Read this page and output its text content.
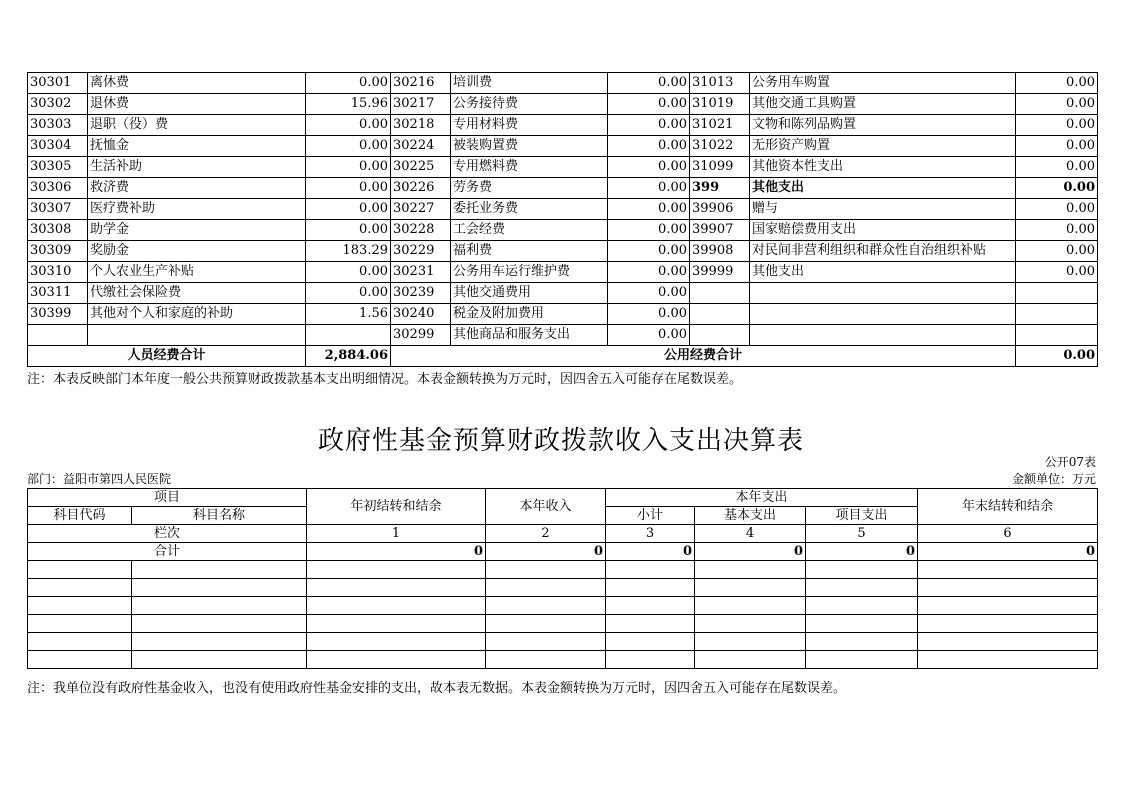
30301	离休费	0.00	30216	培训费	0.00	31013	公务用车购置	0.00
30302	退休费	15.96	30217	公务接待费	0.00	31019	其他交通工具购置	0.00
30303	退职（役）费	0.00	30218	专用材料费	0.00	31021	文物和陈列品购置	0.00
30304	抚恤金	0.00	30224	被装购置费	0.00	31022	无形资产购置	0.00
30305	生活补助	0.00	30225	专用燃料费	0.00	31099	其他资本性支出	0.00
30306	救济费	0.00	30226	劳务费	0.00	399	其他支出	0.00
30307	医疗费补助	0.00	30227	委托业务费	0.00	39906	赠与	0.00
30308	助学金	0.00	30228	工会经费	0.00	39907	国家赔偿费用支出	0.00
30309	奖励金	183.29	30229	福利费	0.00	39908	对民间非营利组织和群众性自治组织补贴	0.00
30310	个人农业生产补贴	0.00	30231	公务用车运行维护费	0.00	39999	其他支出	0.00
30311	代缴社会保险费	0.00	30239	其他交通费用	0.00			
30399	其他对个人和家庭的补助	1.56	30240	税金及附加费用	0.00			
			30299	其他商品和服务支出	0.00			
人员经费合计		2,884.06	公用经费合计					0.00
注：本表反映部门本年度一般公共预算财政拨款基本支出明细情况。本表金额转换为万元时，因四舍五入可能存在尾数误差。
政府性基金预算财政拨款收入支出决算表
公开07表
部门：益阳市第四人民医院	金额单位：万元
项目		年初结转和结余	本年收入	本年支出			年末结转和结余
科目代码	科目名称			小计	基本支出	项目支出	
栏次		1	2	3	4	5	6
合计		0	0	0	0	0	0

注：我单位没有政府性基金收入，也没有使用政府性基金安排的支出，故本表无数据。本表金额转换为万元时，因四舍五入可能存在尾数误差。
